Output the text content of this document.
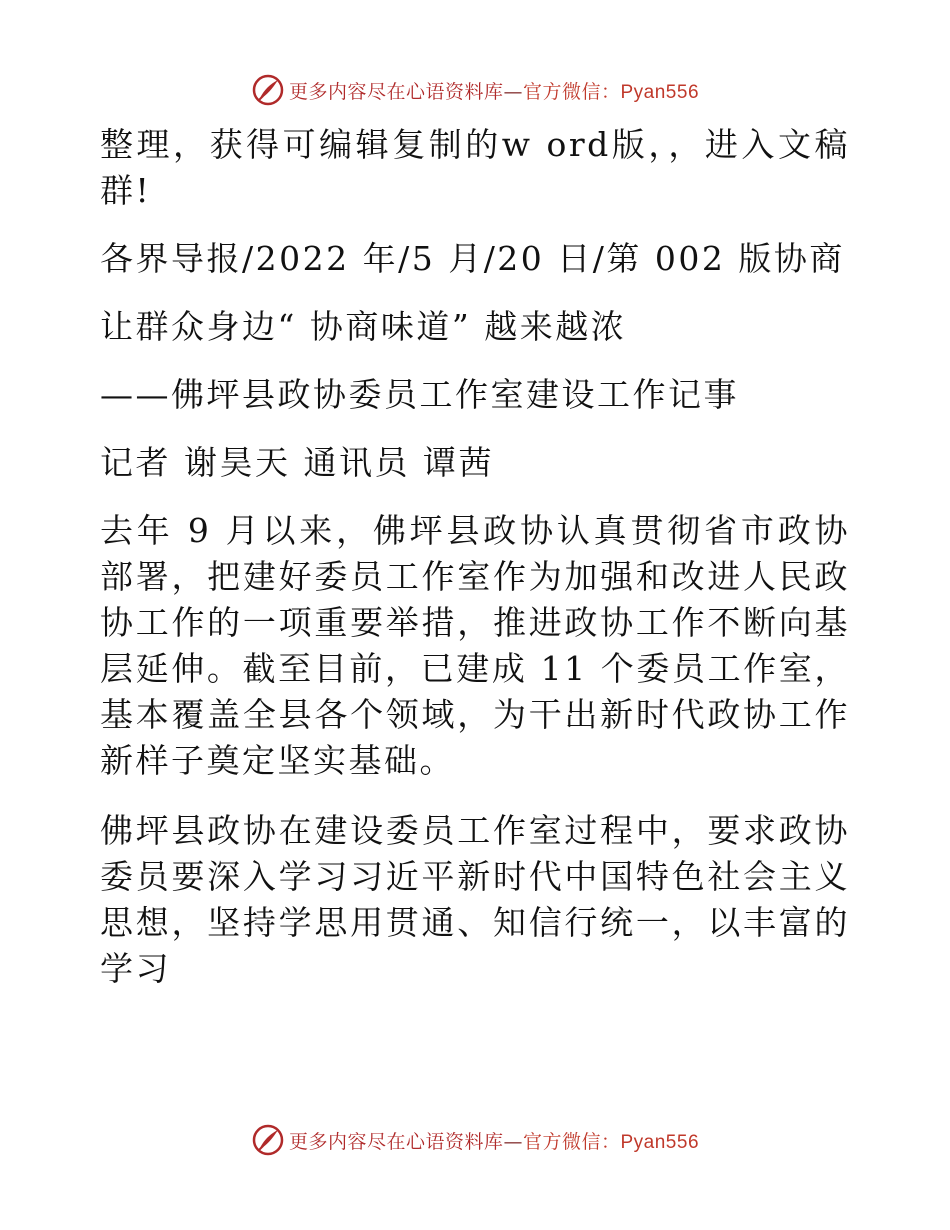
更多内容尽在心语资料库—官方微信：Pyan556

整理，获得可编辑复制的w ord版，，进入文稿群!

各界导报/2022 年/5 月/20 日/第 002 版协商

让群众身边“ 协商味道” 越来越浓

——佛坪县政协委员工作室建设工作记事

记者 谢昊天 通讯员 谭茜

去年 9 月以来，佛坪县政协认真贯彻省市政协部署，把建好委员工作室作为加强和改进人民政协工作的一项重要举措，推进政协工作不断向基层延伸。截至目前，已建成 11 个委员工作室，基本覆盖全县各个领域，为干出新时代政协工作新样子奠定坚实基础。

佛坪县政协在建设委员工作室过程中，要求政协委员要深入学习习近平新时代中国特色社会主义思想，坚持学思用贯通、知信行统一，以丰富的学习

更多内容尽在心语资料库—官方微信：Pyan556
